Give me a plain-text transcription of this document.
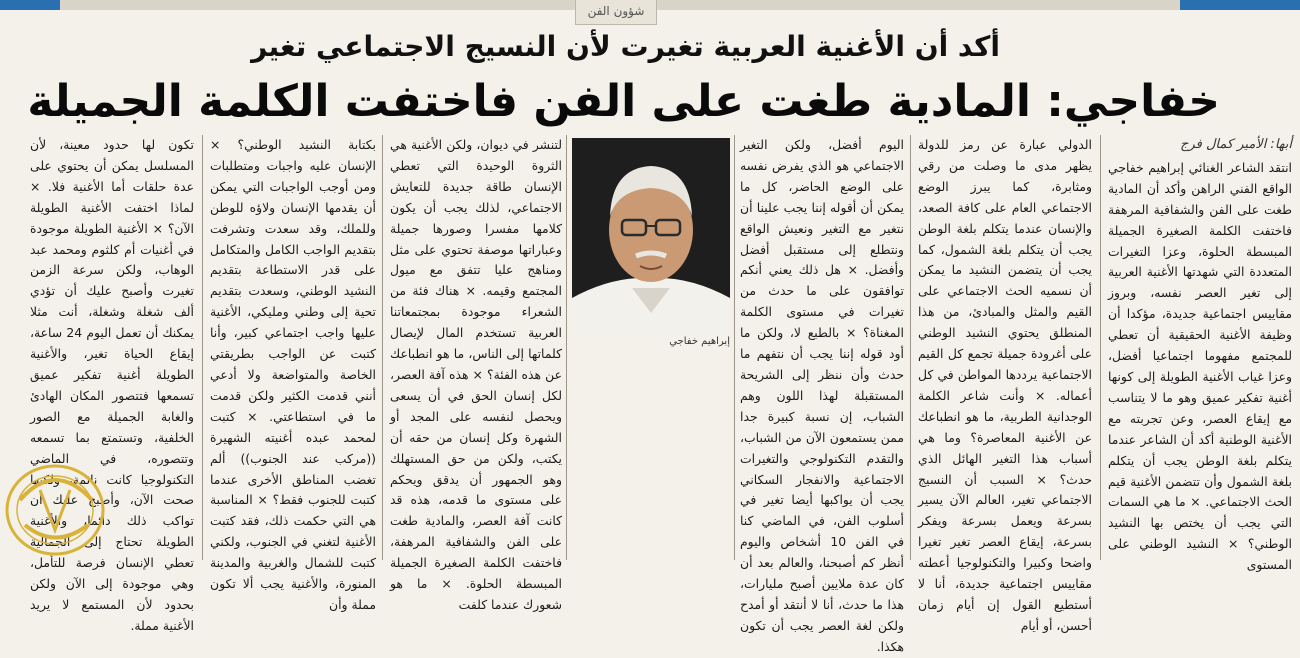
شؤون الفن
أكد أن الأغنية العربية تغيرت لأن النسيج الاجتماعي تغير
خفاجي: المادية طغت على الفن فاختفت الكلمة الجميلة

أبها: الأمير كمال فرج

انتقد الشاعر الغنائي إبراهيم خفاجي الواقع الفني الراهن وأكد أن المادية طغت على الفن والشفافية المرهفة فاختفت الكلمة الصغيرة الجميلة المبسطة الحلوة، وعزا التغيرات المتعددة التي شهدتها الأغنية العربية إلى تغير العصر نفسه، وبروز مقاييس اجتماعية جديدة، مؤكدا أن وظيفة الأغنية الحقيقية أن تعطي للمجتمع مفهوما اجتماعيا أفضل، وعزا غياب الأغنية الطويلة إلى كونها أغنية تفكير عميق وهو ما لا يتناسب مع إيقاع العصر، وعن تجربته مع الأغنية الوطنية أكد أن الشاعر عندما يتكلم بلغة الوطن يجب أن يتكلم بلغة الشمول وأن تتضمن الأغنية قيم الحث الاجتماعي. × ما هي السمات التي يجب أن يختص بها النشيد الوطني؟ × النشيد الوطني على المستوى

الدولي عبارة عن رمز للدولة يظهر مدى ما وصلت من رقي ومثابرة، كما يبرز الوضع الاجتماعي العام على كافة الصعد، والإنسان عندما يتكلم بلغة الوطن يجب أن يتكلم بلغة الشمول، كما يجب أن يتضمن النشيد ما يمكن أن نسميه الحث الاجتماعي على القيم والمثل والمبادئ، من هذا المنطلق يحتوي النشيد الوطني على أغرودة جميلة تجمع كل القيم الاجتماعية يرددها المواطن في كل أعماله. × وأنت شاعر الكلمة الوجدانية الطربية، ما هو انطباعك عن الأغنية المعاصرة؟ وما هي أسباب هذا التغير الهائل الذي حدث؟ × السبب أن النسيج الاجتماعي تغير، العالم الآن يسير بسرعة ويعمل بسرعة ويفكر بسرعة، إيقاع العصر تغير تغيرا واضحا وكبيرا والتكنولوجيا أعطته مقاييس اجتماعية جديدة، أنا لا أستطيع القول إن أيام زمان أحسن، أو أيام

اليوم أفضل، ولكن التغير الاجتماعي هو الذي يفرض نفسه على الوضع الحاضر، كل ما يمكن أن أقوله إننا يجب علينا أن نتغير مع التغير ونعيش الواقع ونتطلع إلى مستقبل أفضل وأفضل. × هل ذلك يعني أنكم توافقون على ما حدث من تغيرات في مستوى الكلمة المغناة؟ × بالطبع لا، ولكن ما أود قوله إننا يجب أن نتفهم ما حدث وأن ننظر إلى الشريحة المستقبلة لهذا اللون وهم الشباب، إن نسبة كبيرة جدا ممن يستمعون الآن من الشباب، والتقدم التكنولوجي والتغيرات الاجتماعية والانفجار السكاني يجب أن يواكبها أيضا تغير في أسلوب الفن، في الماضي كنا في الفن 10 أشخاص واليوم أنظر كم أصبحنا، والعالم بعد أن كان عدة ملايين أصبح مليارات، هذا ما حدث، أنا لا أنتقد أو أمدح ولكن لغة العصر يجب أن تكون هكذا.

إبراهيم خفاجي

لتنشر في ديوان، ولكن الأغنية هي الثروة الوحيدة التي تعطي الإنسان طاقة جديدة للتعايش الاجتماعي، لذلك يجب أن يكون كلامها مفسرا وصورها جميلة وعباراتها موصفة تحتوي على مثل ومناهج عليا تتفق مع ميول المجتمع وقيمه. × هناك فئة من الشعراء موجودة بمجتمعاتنا العربية تستخدم المال لإيصال كلماتها إلى الناس، ما هو انطباعك عن هذه الفئة؟ × هذه آفة العصر، لكل إنسان الحق في أن يسعى ويحصل لنفسه على المجد أو الشهرة وكل إنسان من حقه أن يكتب، ولكن من حق المستهلك وهو الجمهور أن يدقق ويحكم على مستوى ما قدمه، هذه قد كانت آفة العصر، والمادية طغت على الفن والشفافية المرهفة، فاختفت الكلمة الصغيرة الجميلة المبسطة الحلوة. × ما هو شعورك عندما كلفت

بكتابة النشيد الوطني؟ × الإنسان عليه واجبات ومتطلبات ومن أوجب الواجبات التي يمكن أن يقدمها الإنسان ولاؤه للوطن وللملك، وقد سعدت وتشرفت بتقديم الواجب الكامل والمتكامل على قدر الاستطاعة بتقديم النشيد الوطني، وسعدت بتقديم تحية إلى وطني ومليكي، الأغنية عليها واجب اجتماعي كبير، وأنا كتبت عن الواجب بطريقتي الخاصة والمتواضعة ولا أدعي أنني قدمت الكثير ولكن قدمت ما في استطاعتي. × كتبت لمحمد عبده أغنيته الشهيرة ((مركب عند الجنوب)) ألم تغضب المناطق الأخرى عندما كتبت للجنوب فقط؟ × المناسبة هي التي حكمت ذلك، فقد كتبت الأغنية لتغني في الجنوب، ولكني كتبت للشمال والغربية والمدينة المنورة، والأغنية يجب ألا تكون مملة وأن

تكون لها حدود معينة، لأن المسلسل يمكن أن يحتوي على عدة حلقات أما الأغنية فلا. × لماذا اختفت الأغنية الطويلة الآن؟ × الأغنية الطويلة موجودة في أغنيات أم كلثوم ومحمد عبد الوهاب، ولكن سرعة الزمن تغيرت وأصبح عليك أن تؤدي ألف شغلة وشغلة، أنت مثلا يمكنك أن تعمل اليوم 24 ساعة، إيقاع الحياة تغير، والأغنية الطويلة أغنية تفكير عميق تسمعها فتتصور المكان الهادئ والغابة الجميلة مع الصور الخلفية، وتستمتع بما تسمعه وتتصوره، في الماضي التكنولوجيا كانت نائمة، ولكنها صحت الآن، وأصبح عليك أن تواكب ذلك دائما، والأغنية الطويلة تحتاج إلى الجمالية تعطي الإنسان فرصة للتأمل، وهي موجودة إلى الآن ولكن بحدود لأن المستمع لا يريد الأغنية مملة.
